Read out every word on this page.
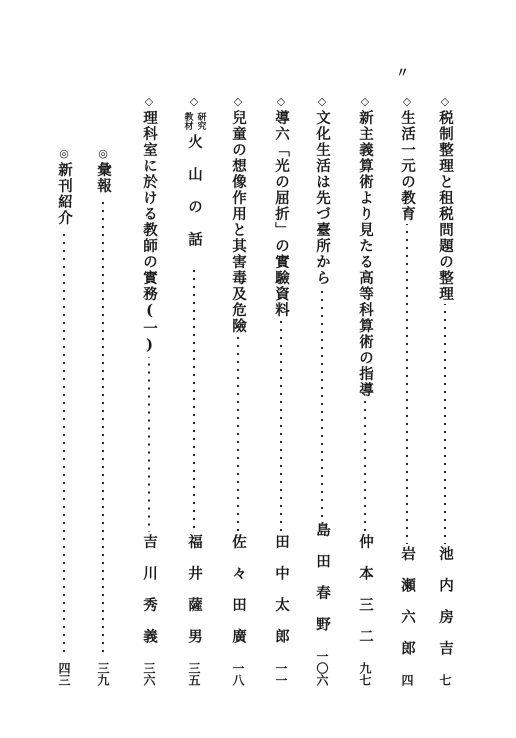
〃
◇
税制整理と租税問題の整理
池内房吉
七
◇
生活一元の教育
岩瀬六郎
四
◇
新主義算術より見たる高等科算術の指導
仲本三二
九七
◇
文化生活は先づ臺所から
島田春野
一〇六
◇
導六「光の屈折」の實驗資料
田中太郎
一一
◇
兒童の想像作用と其害毒及危險
佐々田廣
一八
◇
教材 研究
火山の話
福井薩男
三五
◇
理科室に於ける教師の實務(一)
吉川秀義
三六
◎
彙報
三九
◎
新刊紹介
四三
